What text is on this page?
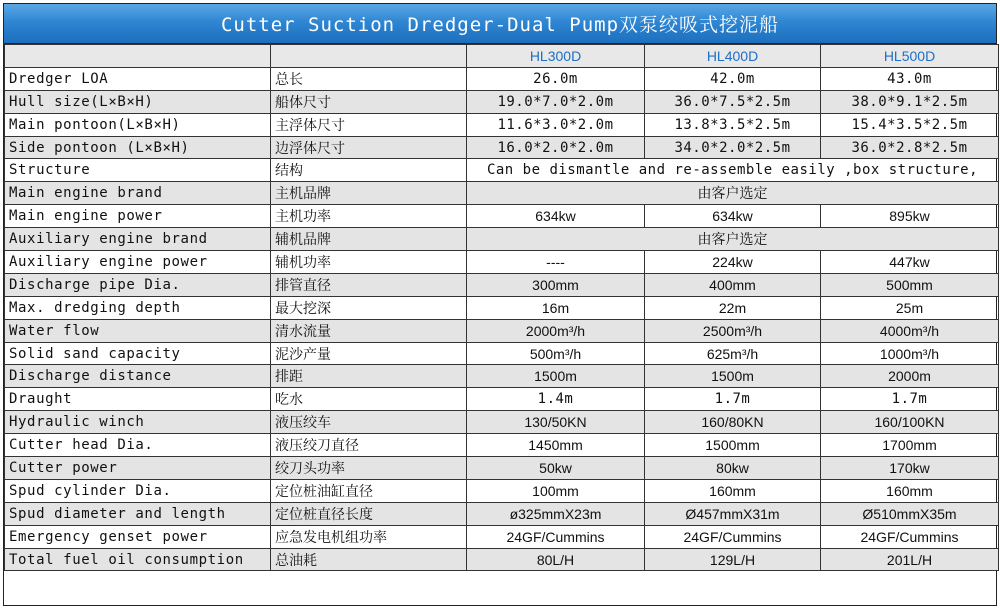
Cutter Suction Dredger-Dual Pump双泵绞吸式挖泥船
		HL300D	HL400D	HL500D
Dredger LOA	总长	26.0m	42.0m	43.0m
Hull size(L×B×H)	船体尺寸	19.0*7.0*2.0m	36.0*7.5*2.5m	38.0*9.1*2.5m
Main pontoon(L×B×H)	主浮体尺寸	11.6*3.0*2.0m	13.8*3.5*2.5m	15.4*3.5*2.5m
Side pontoon (L×B×H)	边浮体尺寸	16.0*2.0*2.0m	34.0*2.0*2.5m	36.0*2.8*2.5m
Structure	结构	Can be dismantle and re-assemble easily ,box structure,		
Main engine brand	主机品牌	由客户选定		
Main engine power	主机功率	634kw	634kw	895kw
Auxiliary engine brand	辅机品牌	由客户选定		
Auxiliary engine power	辅机功率	----	224kw	447kw
Discharge pipe Dia.	排管直径	300mm	400mm	500mm
Max. dredging depth	最大挖深	16m	22m	25m
Water flow	清水流量	2000m³/h	2500m³/h	4000m³/h
Solid sand capacity	泥沙产量	500m³/h	625m³/h	1000m³/h
Discharge distance	排距	1500m	1500m	2000m
Draught	吃水	1.4m	1.7m	1.7m
Hydraulic winch	液压绞车	130/50KN	160/80KN	160/100KN
Cutter head Dia.	液压绞刀直径	1450mm	1500mm	1700mm
Cutter power	绞刀头功率	50kw	80kw	170kw
Spud cylinder Dia.	定位桩油缸直径	100mm	160mm	160mm
Spud diameter and length	定位桩直径长度	ø325mmX23m	Ø457mmX31m	Ø510mmX35m
Emergency genset power	应急发电机组功率	24GF/Cummins	24GF/Cummins	24GF/Cummins
Total fuel oil consumption	总油耗	80L/H	129L/H	201L/H
